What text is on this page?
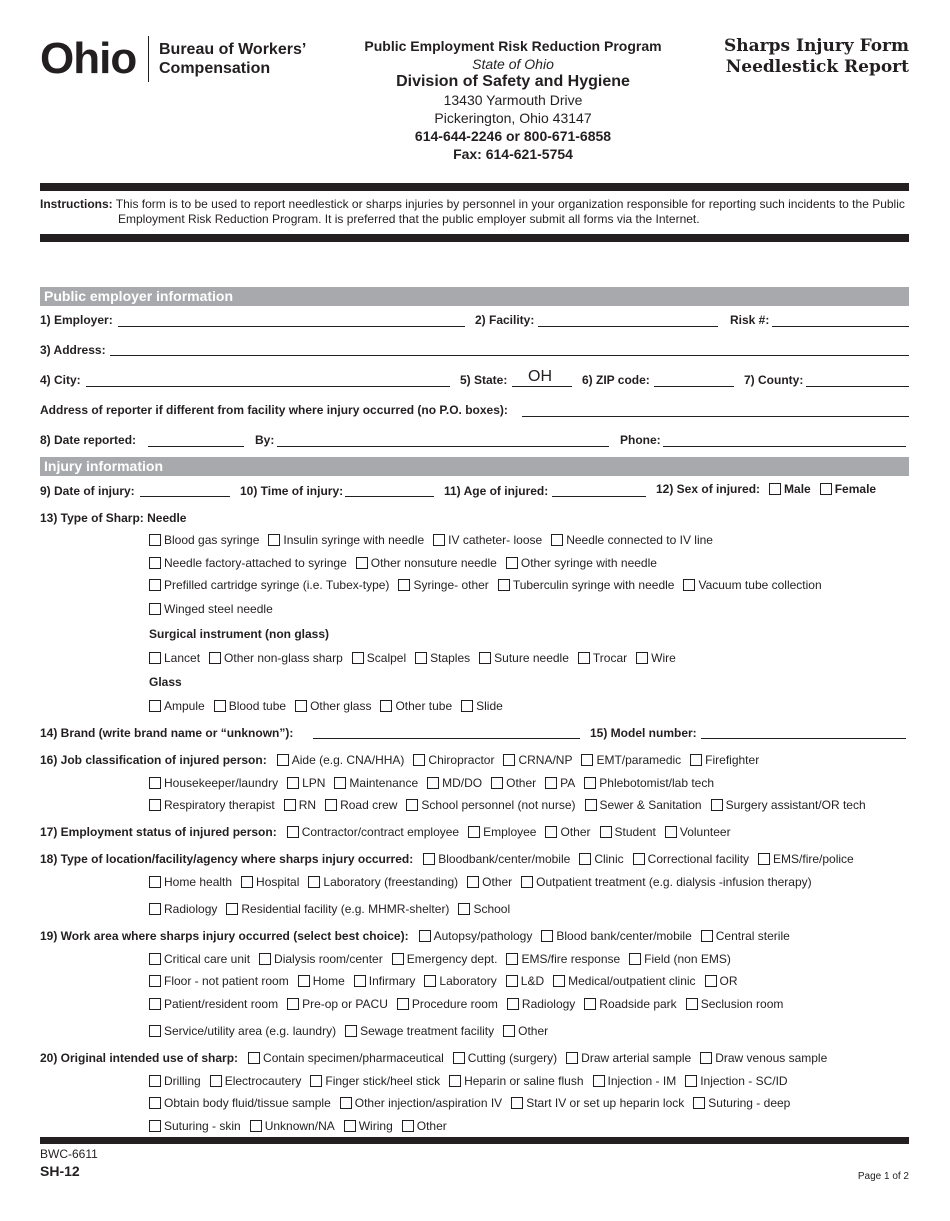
Ohio Bureau of Workers’
Compensation
Public Employment Risk Reduction Program
State of Ohio
Division of Safety and Hygiene
13430 Yarmouth Drive
Pickerington, Ohio 43147
614-644-2246 or 800-671-6858
Fax: 614-621-5754
Sharps Injury Form
Needlestick Report
Instructions: This form is to be used to report needlestick or sharps injuries by personnel in your organization responsible for reporting such incidents to the Public Employment Risk Reduction Program. It is preferred that the public employer submit all forms via the Internet.
Public employer information
1) Employer:	2) Facility:	Risk #:
3) Address:
4) City:	5) State: OH	6) ZIP code:	7) County:
Address of reporter if different from facility where injury occurred (no P.O. boxes):
8) Date reported:	By:	Phone:
Injury information
9) Date of injury:	10) Time of injury:	11) Age of injured:	12) Sex of injured: Male Female
13) Type of Sharp: Needle
Blood gas syringe Insulin syringe with needle IV catheter- loose Needle connected to IV line
Needle factory-attached to syringe Other nonsuture needle Other syringe with needle
Prefilled cartridge syringe (i.e. Tubex-type) Syringe- other Tuberculin syringe with needle Vacuum tube collection
Winged steel needle
Surgical instrument (non glass)
Lancet Other non-glass sharp Scalpel Staples Suture needle Trocar Wire
Glass
Ampule Blood tube Other glass Other tube Slide
14) Brand (write brand name or “unknown”):	15) Model number:
16) Job classification of injured person: Aide (e.g. CNA/HHA) Chiropractor CRNA/NP EMT/paramedic Firefighter
Housekeeper/laundry LPN Maintenance MD/DO Other PA Phlebotomist/lab tech
Respiratory therapist RN Road crew School personnel (not nurse) Sewer & Sanitation Surgery assistant/OR tech
17) Employment status of injured person: Contractor/contract employee Employee Other Student Volunteer
18) Type of location/facility/agency where sharps injury occurred: Bloodbank/center/mobile Clinic Correctional facility EMS/fire/police
Home health Hospital Laboratory (freestanding) Other Outpatient treatment (e.g. dialysis -infusion therapy)
Radiology Residential facility (e.g. MHMR-shelter) School
19) Work area where sharps injury occurred (select best choice): Autopsy/pathology Blood bank/center/mobile Central sterile
Critical care unit Dialysis room/center Emergency dept. EMS/fire response Field (non EMS)
Floor - not patient room Home Infirmary Laboratory L&D Medical/outpatient clinic OR
Patient/resident room Pre-op or PACU Procedure room Radiology Roadside park Seclusion room
Service/utility area (e.g. laundry) Sewage treatment facility Other
20) Original intended use of sharp: Contain specimen/pharmaceutical Cutting (surgery) Draw arterial sample Draw venous sample
Drilling Electrocautery Finger stick/heel stick Heparin or saline flush Injection - IM Injection - SC/ID
Obtain body fluid/tissue sample Other injection/aspiration IV Start IV or set up heparin lock Suturing - deep
Suturing - skin Unknown/NA Wiring Other
BWC-6611
SH-12	Page 1 of 2
